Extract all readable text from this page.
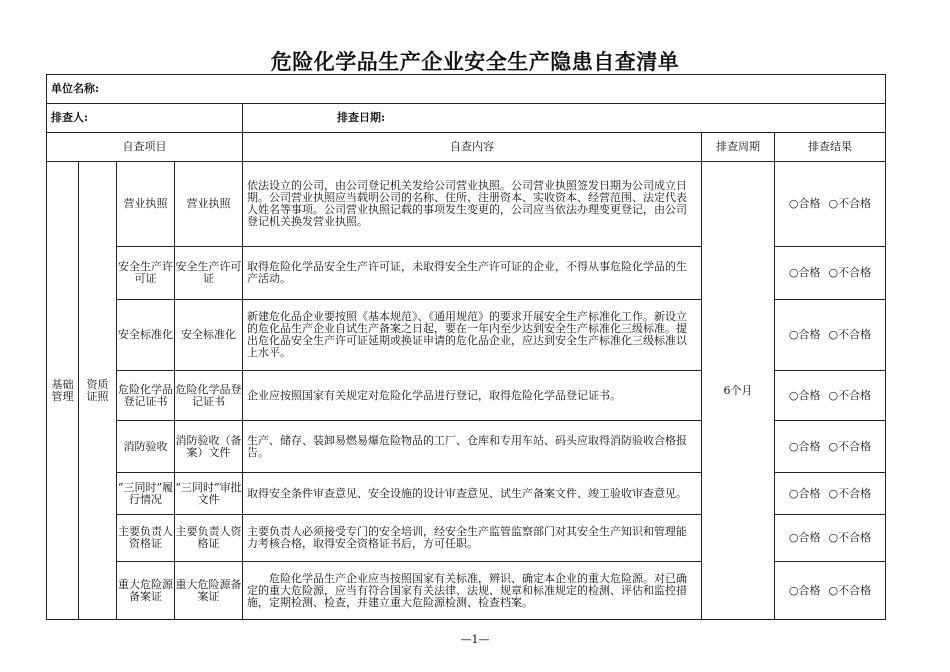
危险化学品生产企业安全生产隐患自查清单
单位名称:						
排查人:				排查日期:		
自查项目				自查内容	排查周期	排查结果
基础管理	资质证照	营业执照	营业执照	依法设立的公司，由公司登记机关发给公司营业执照。公司营业执照签发日期为公司成立日期。公司营业执照应当载明公司的名称、住所、注册资本、实收资本、经营范围、法定代表人姓名等事项。公司营业执照记载的事项发生变更的，公司应当依法办理变更登记，由公司登记机关换发营业执照。	6个月	○合格 ○不合格
		安全生产许可证	安全生产许可证	取得危险化学品安全生产许可证，未取得安全生产许可证的企业，不得从事危险化学品的生产活动。		○合格 ○不合格
		安全标准化	安全标准化	新建危化品企业要按照《基本规范》、《通用规范》的要求开展安全生产标准化工作。新设立的危化品生产企业自试生产备案之日起，要在一年内至少达到安全生产标准化三级标准。提出危化品安全生产许可证延期或换证申请的危化品企业，应达到安全生产标准化三级标准以上水平。		○合格 ○不合格
		危险化学品登记证书	危险化学品登记证书	企业应按照国家有关规定对危险化学品进行登记，取得危险化学品登记证书。		○合格 ○不合格
		消防验收	消防验收（备案）文件	生产、储存、装卸易燃易爆危险物品的工厂、仓库和专用车站、码头应取得消防验收合格报告。		○合格 ○不合格
		“三同时”履行情况	“三同时”审批文件	取得安全条件审查意见、安全设施的设计审查意见、试生产备案文件、竣工验收审查意见。		○合格 ○不合格
		主要负责人资格证	主要负责人资格证	主要负责人必须接受专门的安全培训，经安全生产监管监察部门对其安全生产知识和管理能力考核合格，取得安全资格证书后，方可任职。		○合格 ○不合格
		重大危险源备案证	重大危险源备案证	危险化学品生产企业应当按照国家有关标准，辨识、确定本企业的重大危险源。对已确定的重大危险源，应当有符合国家有关法律、法规、规章和标准规定的检测、评估和监控措施，定期检测、检查，并建立重大危险源检测、检查档案。		○合格 ○不合格
—1—
